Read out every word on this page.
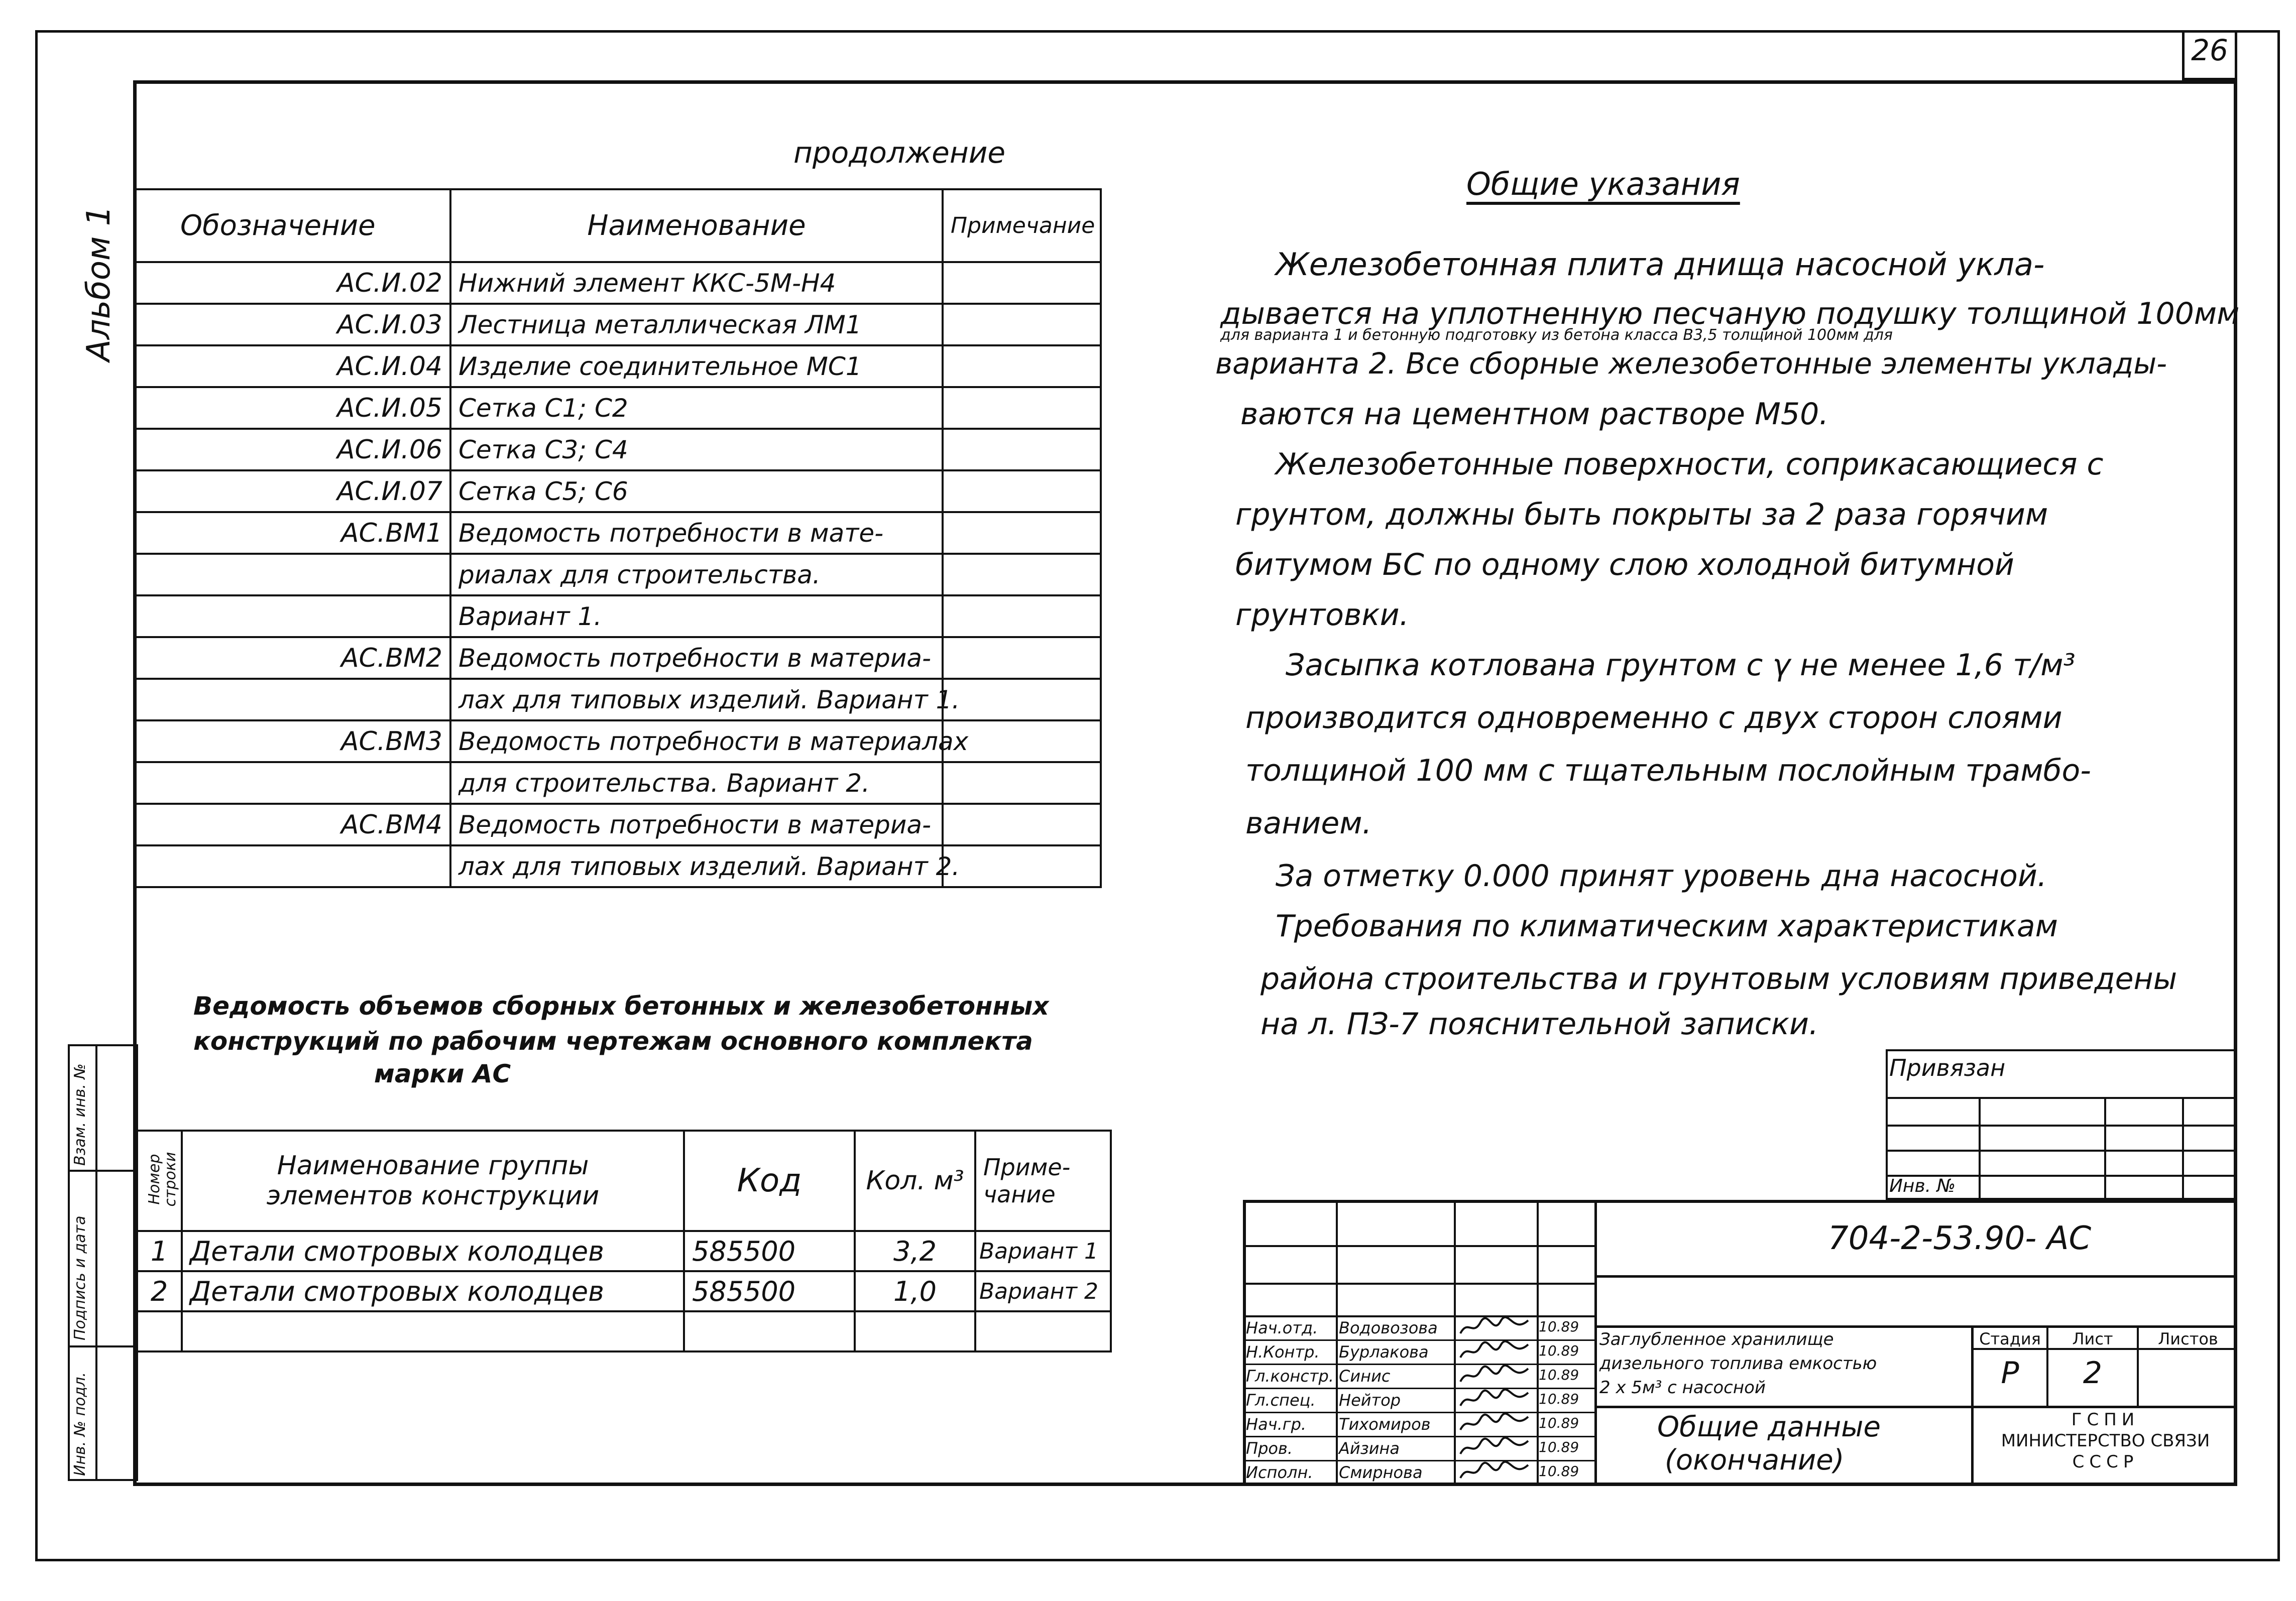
26
Альбом 1
Инв. № подл.
Подпись и дата
Взам. инв. №
продолжение
Обозначение	Наименование	Примечание
АС.И.02	Нижний элемент ККС-5М-Н4	
АС.И.03	Лестница металлическая ЛМ1	
АС.И.04	Изделие соединительное МС1	
АС.И.05	Сетка С1; С2	
АС.И.06	Сетка С3; С4	
АС.И.07	Сетка С5; С6	
АС.ВМ1	Ведомость потребности в мате-	
	риалах для строительства.	
	Вариант 1.	
АС.ВМ2	Ведомость потребности в материа-	
	лах для типовых изделий. Вариант 1.	
АС.ВМ3	Ведомость потребности в материалах	
	для строительства. Вариант 2.	
АС.ВМ4	Ведомость потребности в материа-	
	лах для типовых изделий. Вариант 2.	
Ведомость объемов сборных бетонных и железобетонных
конструкций по рабочим чертежам основного комплекта
марки АС
Номер строки	Наименование группы элементов конструкции	Код	Кол. м³	Приме- чание
1	Детали смотровых колодцев	585500	3,2	Вариант 1
2	Детали смотровых колодцев	585500	1,0	Вариант 2

Общие указания
Железобетонная плита днища насосной укла-
дывается на уплотненную песчаную подушку толщиной 100мм
для варианта 1 и бетонную подготовку из бетона класса В3,5 толщиной 100мм для
варианта 2. Все сборные железобетонные элементы уклады-
ваются на цементном растворе М50.
Железобетонные поверхности, соприкасающиеся с
грунтом, должны быть покрыты за 2 раза горячим
битумом БС по одному слою холодной битумной
грунтовки.
Засыпка котлована грунтом с γ не менее 1,6 т/м³
производится одновременно с двух сторон слоями
толщиной 100 мм с тщательным послойным трамбо-
ванием.
За отметку 0.000 принят уровень дна насосной.
Требования по климатическим характеристикам
района строительства и грунтовым условиям приведены
на л. ПЗ-7 пояснительной записки.
Привязан
Инв. №
Нач.отд.	Водовозова	10.89
Н.Контр. Бурлакова	10.89
Гл.констр. Синис	10.89
Гл.спец.	Нейтор	10.89
Нач.гр.	Тихомиров	10.89
Пров.	Айзина	10.89
Исполн.	Смирнова	10.89
704-2-53.90- АС
Заглубленное хранилище
дизельного топлива емкостью
2 x 5м³ с насосной
Общие данные
(окончание)
Стадия	Лист	Листов
Р	2
ГСПИ
МИНИСТЕРСТВО СВЯЗИ
СССР
